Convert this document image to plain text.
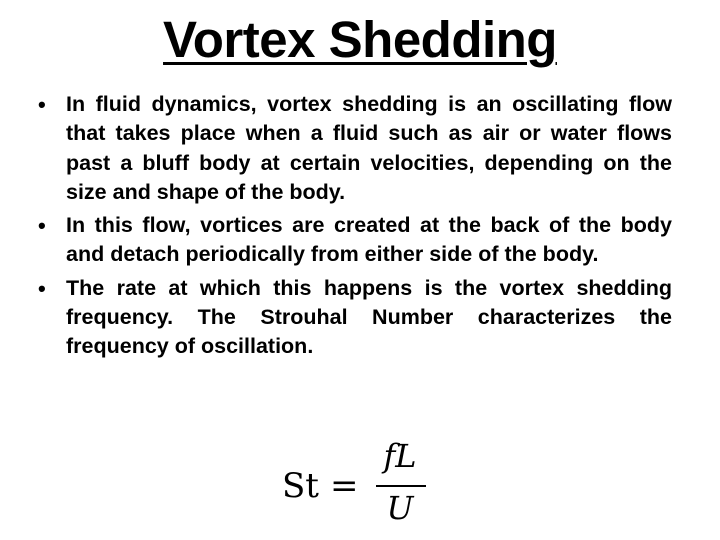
Vortex Shedding
• In fluid dynamics, vortex shedding is an oscillating flow that takes place when a fluid such as air or water flows past a bluff body at certain velocities, depending on the size and shape of the body.
• In this flow, vortices are created at the back of the body and detach periodically from either side of the body.
• The rate at which this happens is the vortex shedding frequency. The Strouhal Number characterizes the frequency of oscillation.
St =
fL
U
